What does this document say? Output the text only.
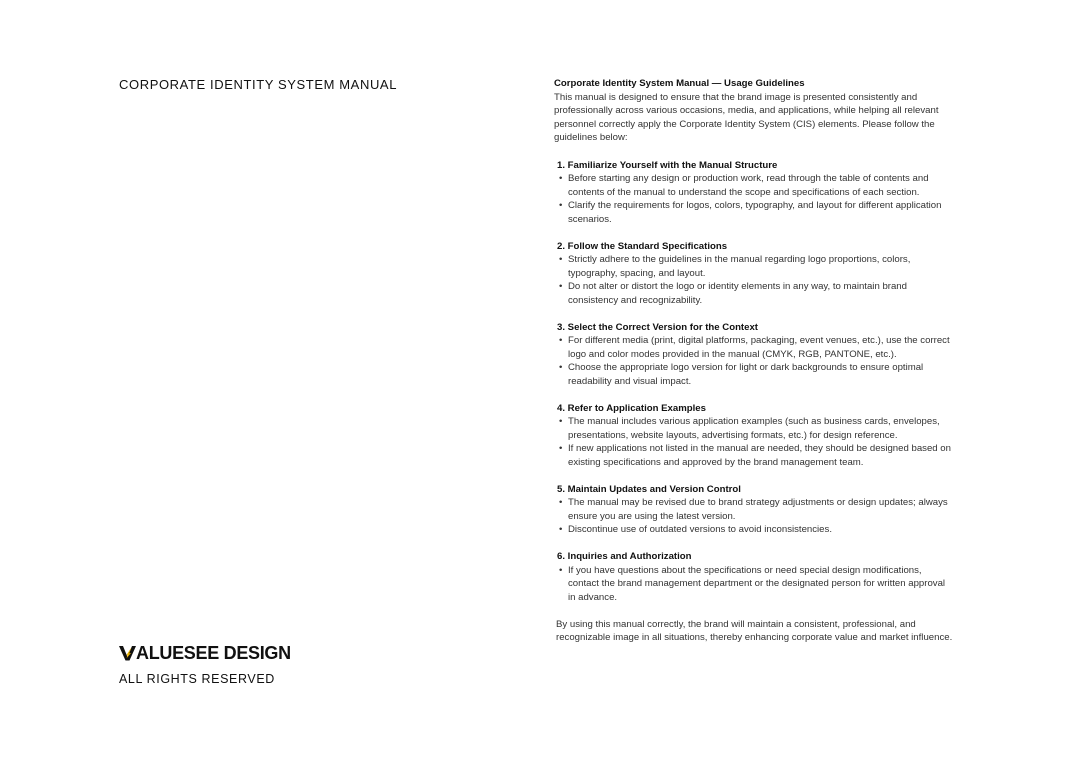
CORPORATE IDENTITY SYSTEM MANUAL
ALUESEE DESIGN
ALL RIGHTS RESERVED
Corporate Identity System Manual — Usage Guidelines

This manual is designed to ensure that the brand image is presented consistently and professionally across various occasions, media, and applications, while helping all relevant personnel correctly apply the Corporate Identity System (CIS) elements. Please follow the guidelines below:

1. Familiarize Yourself with the Manual Structure
• Before starting any design or production work, read through the table of contents and contents of the manual to understand the scope and specifications of each section.
• Clarify the requirements for logos, colors, typography, and layout for different application scenarios.
2. Follow the Standard Specifications
• Strictly adhere to the guidelines in the manual regarding logo proportions, colors, typography, spacing, and layout.
• Do not alter or distort the logo or identity elements in any way, to maintain brand consistency and recognizability.
3. Select the Correct Version for the Context
• For different media (print, digital platforms, packaging, event venues, etc.), use the correct logo and color modes provided in the manual (CMYK, RGB, PANTONE, etc.).
• Choose the appropriate logo version for light or dark backgrounds to ensure optimal readability and visual impact.
4. Refer to Application Examples
• The manual includes various application examples (such as business cards, envelopes, presentations, website layouts, advertising formats, etc.) for design reference.
• If new applications not listed in the manual are needed, they should be designed based on existing specifications and approved by the brand management team.
5. Maintain Updates and Version Control
• The manual may be revised due to brand strategy adjustments or design updates; always ensure you are using the latest version.
• Discontinue use of outdated versions to avoid inconsistencies.
6. Inquiries and Authorization
• If you have questions about the specifications or need special design modifications, contact the brand management department or the designated person for written approval in advance.

By using this manual correctly, the brand will maintain a consistent, professional, and recognizable image in all situations, thereby enhancing corporate value and market influence.
